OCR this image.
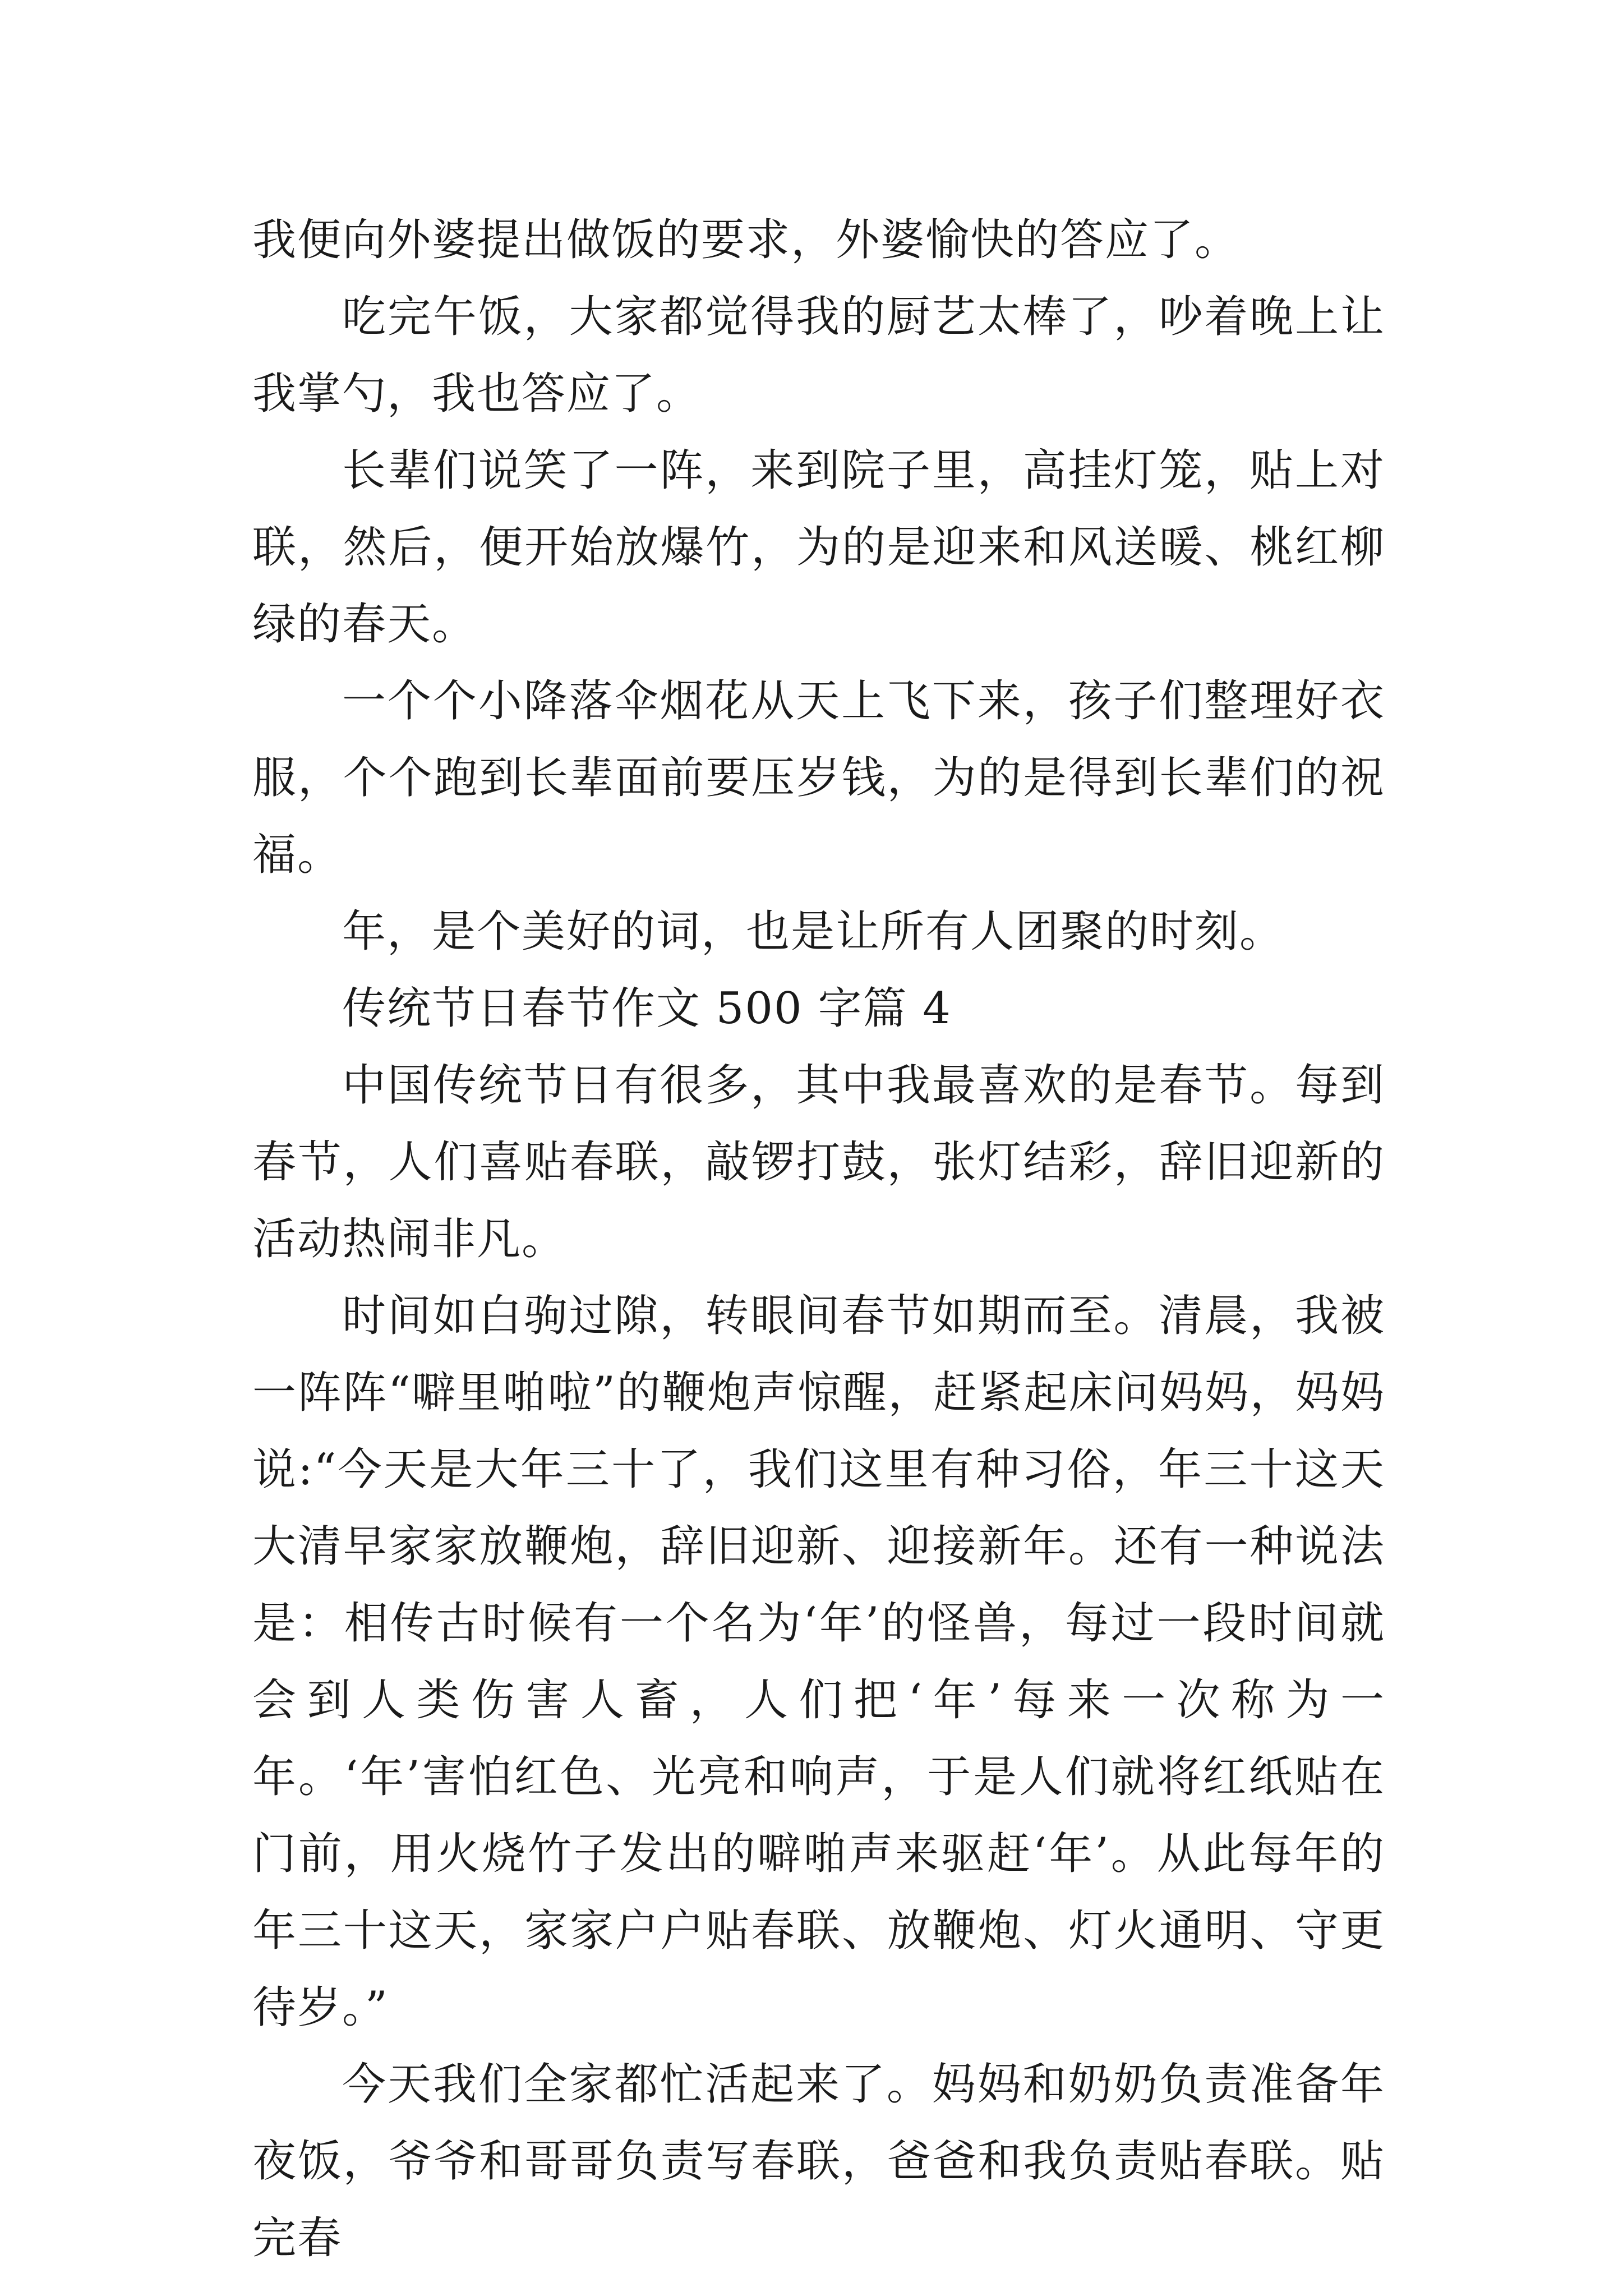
我便向外婆提出做饭的要求，外婆愉快的答应了。

吃完午饭，大家都觉得我的厨艺太棒了，吵着晚上让我掌勺，我也答应了。

长辈们说笑了一阵，来到院子里，高挂灯笼，贴上对联，然后，便开始放爆竹，为的是迎来和风送暖、桃红柳绿的春天。

一个个小降落伞烟花从天上飞下来，孩子们整理好衣服，个个跑到长辈面前要压岁钱，为的是得到长辈们的祝福。

年，是个美好的词，也是让所有人团聚的时刻。

传统节日春节作文 500 字篇 4

中国传统节日有很多，其中我最喜欢的是春节。每到春节，人们喜贴春联，敲锣打鼓，张灯结彩，辞旧迎新的活动热闹非凡。

时间如白驹过隙，转眼间春节如期而至。清晨，我被一阵阵“噼里啪啦”的鞭炮声惊醒，赶紧起床问妈妈，妈妈说:“今天是大年三十了，我们这里有种习俗，年三十这天大清早家家放鞭炮，辞旧迎新、迎接新年。还有一种说法是：相传古时候有一个名为‘年’的怪兽，每过一段时间就会到人类伤害人畜，人们把‘年’每来一次称为一年。‘年’害怕红色、光亮和响声，于是人们就将红纸贴在门前，用火烧竹子发出的噼啪声来驱赶‘年’。从此每年的年三十这天，家家户户贴春联、放鞭炮、灯火通明、守更待岁。”

今天我们全家都忙活起来了。妈妈和奶奶负责准备年夜饭，爷爷和哥哥负责写春联，爸爸和我负责贴春联。贴完春
